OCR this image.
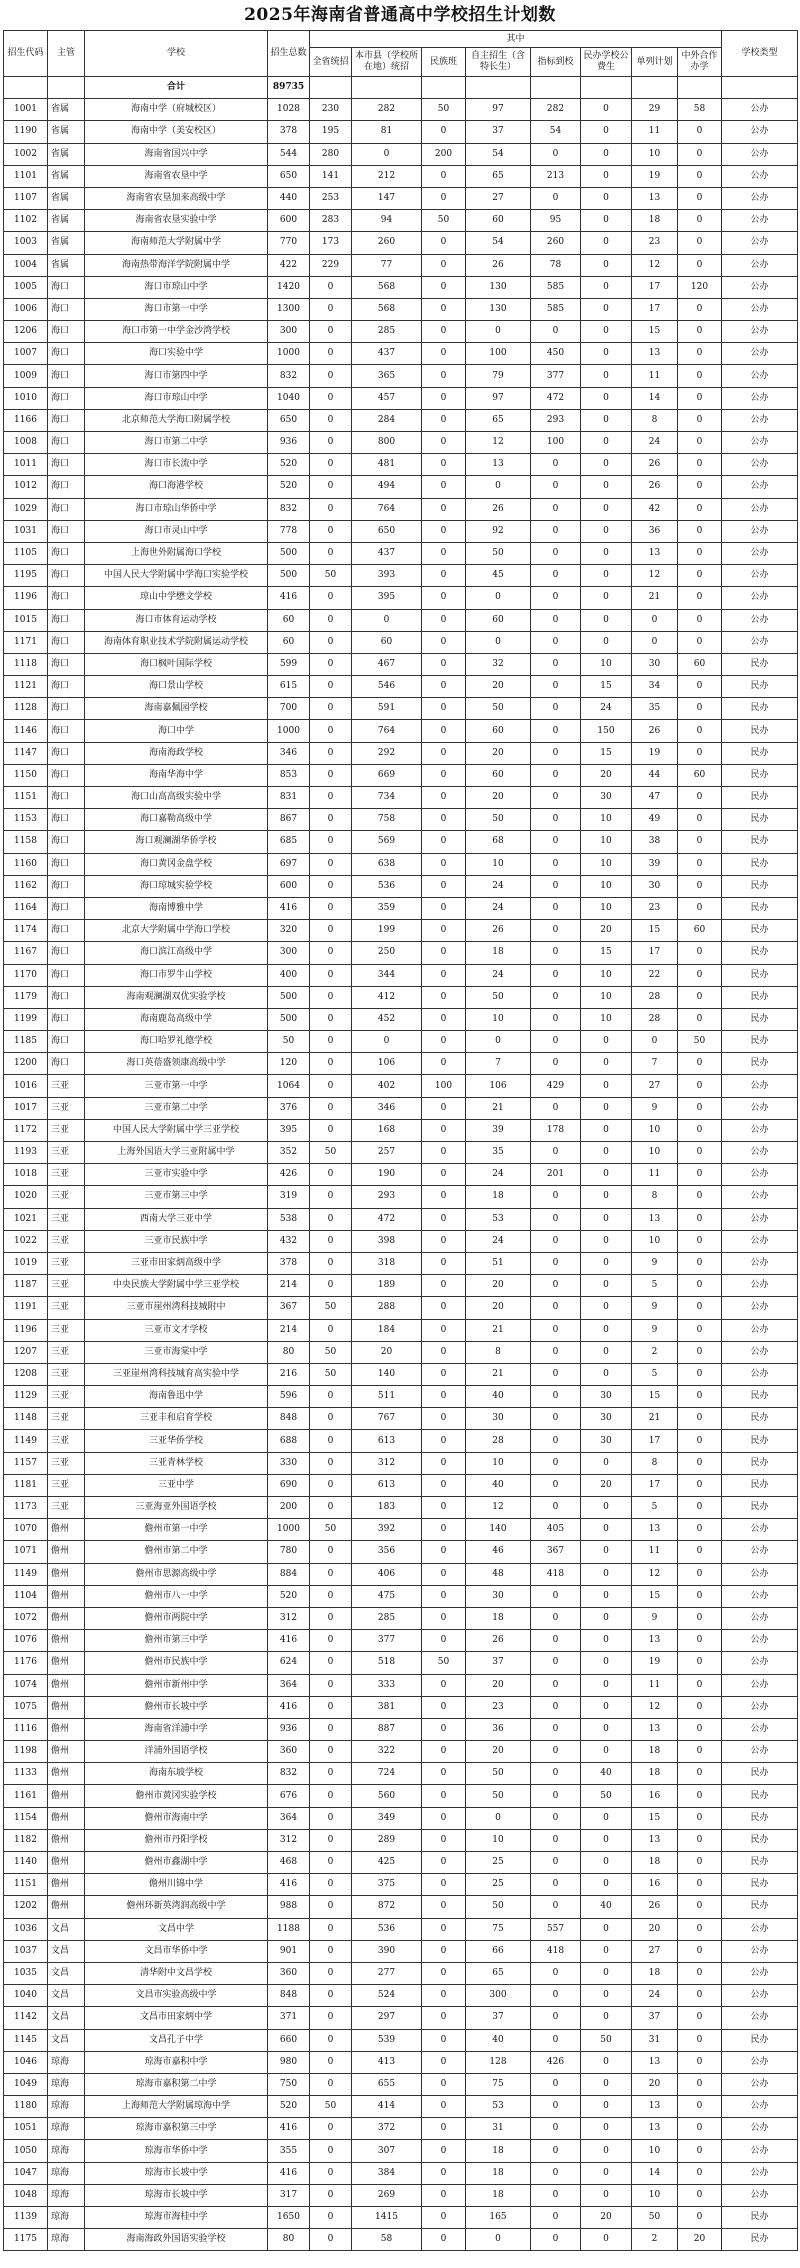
2025年海南省普通高中学校招生计划数
招生代码	主管	学校	招生总数	其中								学校类型
				全省统招	本市县（学校所在地）统招	民族班	自主招生（含特长生）	指标到校	民办学校公费生	单列计划	中外合作办学	
		合计	89735									
1001	省属	海南中学（府城校区）	1028	230	282	50	97	282	0	29	58	公办
1190	省属	海南中学（美安校区）	378	195	81	0	37	54	0	11	0	公办
1002	省属	海南省国兴中学	544	280	0	200	54	0	0	10	0	公办
1101	省属	海南省农垦中学	650	141	212	0	65	213	0	19	0	公办
1107	省属	海南省农垦加来高级中学	440	253	147	0	27	0	0	13	0	公办
1102	省属	海南省农垦实验中学	600	283	94	50	60	95	0	18	0	公办
1003	省属	海南师范大学附属中学	770	173	260	0	54	260	0	23	0	公办
1004	省属	海南热带海洋学院附属中学	422	229	77	0	26	78	0	12	0	公办
1005	海口	海口市琼山中学	1420	0	568	0	130	585	0	17	120	公办
1006	海口	海口市第一中学	1300	0	568	0	130	585	0	17	0	公办
1206	海口	海口市第一中学金沙湾学校	300	0	285	0	0	0	0	15	0	公办
1007	海口	海口实验中学	1000	0	437	0	100	450	0	13	0	公办
1009	海口	海口市第四中学	832	0	365	0	79	377	0	11	0	公办
1010	海口	海口市琼山中学	1040	0	457	0	97	472	0	14	0	公办
1166	海口	北京师范大学海口附属学校	650	0	284	0	65	293	0	8	0	公办
1008	海口	海口市第二中学	936	0	800	0	12	100	0	24	0	公办
1011	海口	海口市长流中学	520	0	481	0	13	0	0	26	0	公办
1012	海口	海口海港学校	520	0	494	0	0	0	0	26	0	公办
1029	海口	海口市琼山华侨中学	832	0	764	0	26	0	0	42	0	公办
1031	海口	海口市灵山中学	778	0	650	0	92	0	0	36	0	公办
1105	海口	上海世外附属海口学校	500	0	437	0	50	0	0	13	0	公办
1195	海口	中国人民大学附属中学海口实验学校	500	50	393	0	45	0	0	12	0	公办
1196	海口	琼山中学懋文学校	416	0	395	0	0	0	0	21	0	公办
1015	海口	海口市体育运动学校	60	0	0	0	60	0	0	0	0	公办
1171	海口	海南体育职业技术学院附属运动学校	60	0	60	0	0	0	0	0	0	公办
1118	海口	海口枫叶国际学校	599	0	467	0	32	0	10	30	60	民办
1121	海口	海口景山学校	615	0	546	0	20	0	15	34	0	民办
1128	海口	海南嘉佩园学校	700	0	591	0	50	0	24	35	0	民办
1146	海口	海口中学	1000	0	764	0	60	0	150	26	0	民办
1147	海口	海南海政学校	346	0	292	0	20	0	15	19	0	民办
1150	海口	海南华海中学	853	0	669	0	60	0	20	44	60	民办
1151	海口	海口山高高级实验中学	831	0	734	0	20	0	30	47	0	民办
1153	海口	海口嘉勒高级中学	867	0	758	0	50	0	10	49	0	民办
1158	海口	海口观澜湖华侨学校	685	0	569	0	68	0	10	38	0	民办
1160	海口	海口黄冈金盘学校	697	0	638	0	10	0	10	39	0	民办
1162	海口	海口琼城实验学校	600	0	536	0	24	0	10	30	0	民办
1164	海口	海南博雅中学	416	0	359	0	24	0	10	23	0	民办
1174	海口	北京大学附属中学海口学校	320	0	199	0	26	0	20	15	60	民办
1167	海口	海口滨江高级中学	300	0	250	0	18	0	15	17	0	民办
1170	海口	海口市罗牛山学校	400	0	344	0	24	0	10	22	0	民办
1179	海口	海南观澜湖双优实验学校	500	0	412	0	50	0	10	28	0	民办
1199	海口	海南鹿岛高级中学	500	0	452	0	10	0	10	28	0	民办
1185	海口	海口哈罗礼德学校	50	0	0	0	0	0	0	0	50	民办
1200	海口	海口英蓓盛领康高级中学	120	0	106	0	7	0	0	7	0	民办
1016	三亚	三亚市第一中学	1064	0	402	100	106	429	0	27	0	公办
1017	三亚	三亚市第二中学	376	0	346	0	21	0	0	9	0	公办
1172	三亚	中国人民大学附属中学三亚学校	395	0	168	0	39	178	0	10	0	公办
1193	三亚	上海外国语大学三亚附属中学	352	50	257	0	35	0	0	10	0	公办
1018	三亚	三亚市实验中学	426	0	190	0	24	201	0	11	0	公办
1020	三亚	三亚市第三中学	319	0	293	0	18	0	0	8	0	公办
1021	三亚	西南大学三亚中学	538	0	472	0	53	0	0	13	0	公办
1022	三亚	三亚市民族中学	432	0	398	0	24	0	0	10	0	公办
1019	三亚	三亚市田家炳高级中学	378	0	318	0	51	0	0	9	0	公办
1187	三亚	中央民族大学附属中学三亚学校	214	0	189	0	20	0	0	5	0	公办
1191	三亚	三亚市崖州湾科技城附中	367	50	288	0	20	0	0	9	0	公办
1196	三亚	三亚市文才学校	214	0	184	0	21	0	0	9	0	公办
1207	三亚	三亚市海棠中学	80	50	20	0	8	0	0	2	0	公办
1208	三亚	三亚崖州湾科技城育高实验中学	216	50	140	0	21	0	0	5	0	公办
1129	三亚	海南鲁迅中学	596	0	511	0	40	0	30	15	0	民办
1148	三亚	三亚丰和启育学校	848	0	767	0	30	0	30	21	0	民办
1149	三亚	三亚华侨学校	688	0	613	0	28	0	30	17	0	民办
1157	三亚	三亚青林学校	330	0	312	0	10	0	0	8	0	民办
1181	三亚	三亚中学	690	0	613	0	40	0	20	17	0	民办
1173	三亚	三亚海亚外国语学校	200	0	183	0	12	0	0	5	0	民办
1070	儋州	儋州市第一中学	1000	50	392	0	140	405	0	13	0	公办
1071	儋州	儋州市第二中学	780	0	356	0	46	367	0	11	0	公办
1149	儋州	儋州市思源高级中学	884	0	406	0	48	418	0	12	0	公办
1104	儋州	儋州市八一中学	520	0	475	0	30	0	0	15	0	公办
1072	儋州	儋州市两院中学	312	0	285	0	18	0	0	9	0	公办
1076	儋州	儋州市第三中学	416	0	377	0	26	0	0	13	0	公办
1176	儋州	儋州市民族中学	624	0	518	50	37	0	0	19	0	公办
1074	儋州	儋州市新州中学	364	0	333	0	20	0	0	11	0	公办
1075	儋州	儋州市长坡中学	416	0	381	0	23	0	0	12	0	公办
1116	儋州	海南省洋浦中学	936	0	887	0	36	0	0	13	0	公办
1198	儋州	洋浦外国语学校	360	0	322	0	20	0	0	18	0	公办
1133	儋州	海南东坡学校	832	0	724	0	50	0	40	18	0	民办
1161	儋州	儋州市黄冈实验学校	676	0	560	0	50	0	50	16	0	民办
1154	儋州	儋州市海南中学	364	0	349	0	0	0	0	15	0	民办
1182	儋州	儋州市丹阳学校	312	0	289	0	10	0	0	13	0	民办
1140	儋州	儋州市鑫湖中学	468	0	425	0	25	0	0	18	0	民办
1151	儋州	儋州川锦中学	416	0	375	0	25	0	0	16	0	民办
1202	儋州	儋州环新英湾润高级中学	988	0	872	0	50	0	40	26	0	民办
1036	文昌	文昌中学	1188	0	536	0	75	557	0	20	0	公办
1037	文昌	文昌市华侨中学	901	0	390	0	66	418	0	27	0	公办
1035	文昌	清华附中文昌学校	360	0	277	0	65	0	0	18	0	公办
1040	文昌	文昌市实验高级中学	848	0	524	0	300	0	0	24	0	公办
1142	文昌	文昌市田家炳中学	371	0	297	0	37	0	0	37	0	公办
1145	文昌	文昌孔子中学	660	0	539	0	40	0	50	31	0	民办
1046	琼海	琼海市嘉积中学	980	0	413	0	128	426	0	13	0	公办
1049	琼海	琼海市嘉积第二中学	750	0	655	0	75	0	0	20	0	公办
1180	琼海	上海师范大学附属琼海中学	520	50	414	0	53	0	0	13	0	公办
1051	琼海	琼海市嘉积第三中学	416	0	372	0	31	0	0	13	0	公办
1050	琼海	琼海市华侨中学	355	0	307	0	18	0	0	10	0	公办
1047	琼海	琼海市长坡中学	416	0	384	0	18	0	0	14	0	公办
1048	琼海	琼海市长坡中学	317	0	269	0	18	0	0	10	0	公办
1139	琼海	琼海市海桂中学	1650	0	1415	0	165	0	20	50	0	民办
1175	琼海	海南海政外国语实验学校	80	0	58	0	0	0	0	2	20	民办
